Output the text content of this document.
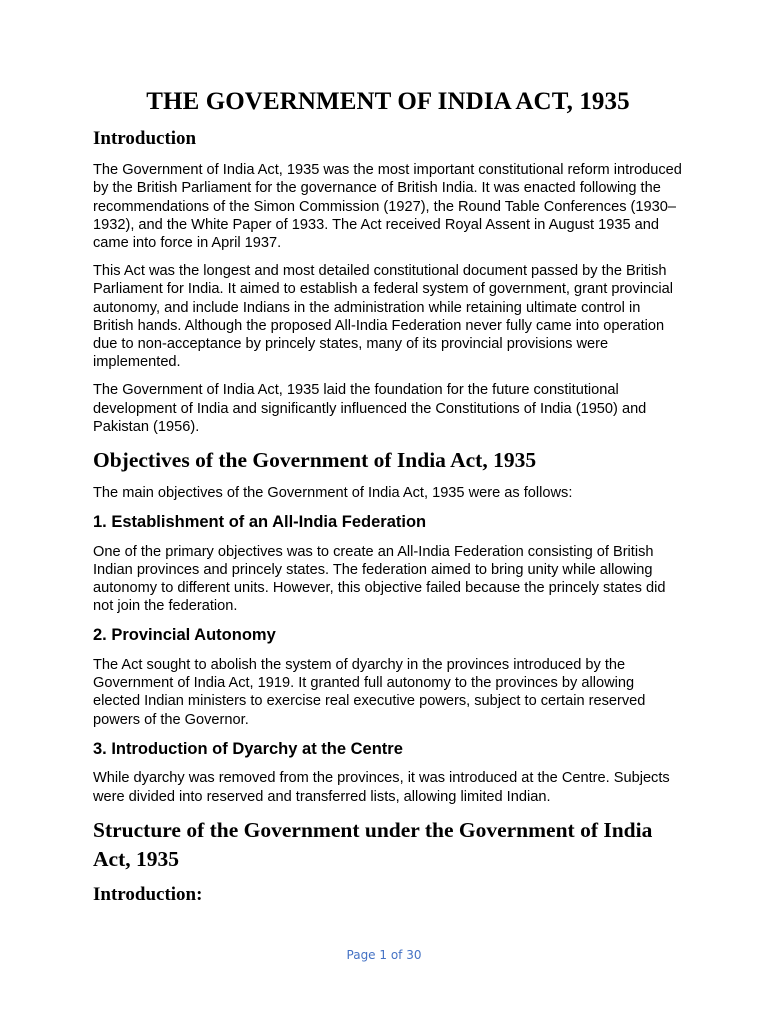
THE GOVERNMENT OF INDIA ACT, 1935
Introduction

The Government of India Act, 1935 was the most important constitutional reform introduced by the British Parliament for the governance of British India. It was enacted following the recommendations of the Simon Commission (1927), the Round Table Conferences (1930–1932), and the White Paper of 1933. The Act received Royal Assent in August 1935 and came into force in April 1937.

This Act was the longest and most detailed constitutional document passed by the British Parliament for India. It aimed to establish a federal system of government, grant provincial autonomy, and include Indians in the administration while retaining ultimate control in British hands. Although the proposed All-India Federation never fully came into operation due to non-acceptance by princely states, many of its provincial provisions were implemented.

The Government of India Act, 1935 laid the foundation for the future constitutional development of India and significantly influenced the Constitutions of India (1950) and Pakistan (1956).

Objectives of the Government of India Act, 1935

The main objectives of the Government of India Act, 1935 were as follows:

1. Establishment of an All-India Federation

One of the primary objectives was to create an All-India Federation consisting of British Indian provinces and princely states. The federation aimed to bring unity while allowing autonomy to different units. However, this objective failed because the princely states did not join the federation.

2. Provincial Autonomy

The Act sought to abolish the system of dyarchy in the provinces introduced by the Government of India Act, 1919. It granted full autonomy to the provinces by allowing elected Indian ministers to exercise real executive powers, subject to certain reserved powers of the Governor.

3. Introduction of Dyarchy at the Centre

While dyarchy was removed from the provinces, it was introduced at the Centre. Subjects were divided into reserved and transferred lists, allowing limited Indian.

Structure of the Government under the Government of India Act, 1935
Introduction:
Page 1 of 30
